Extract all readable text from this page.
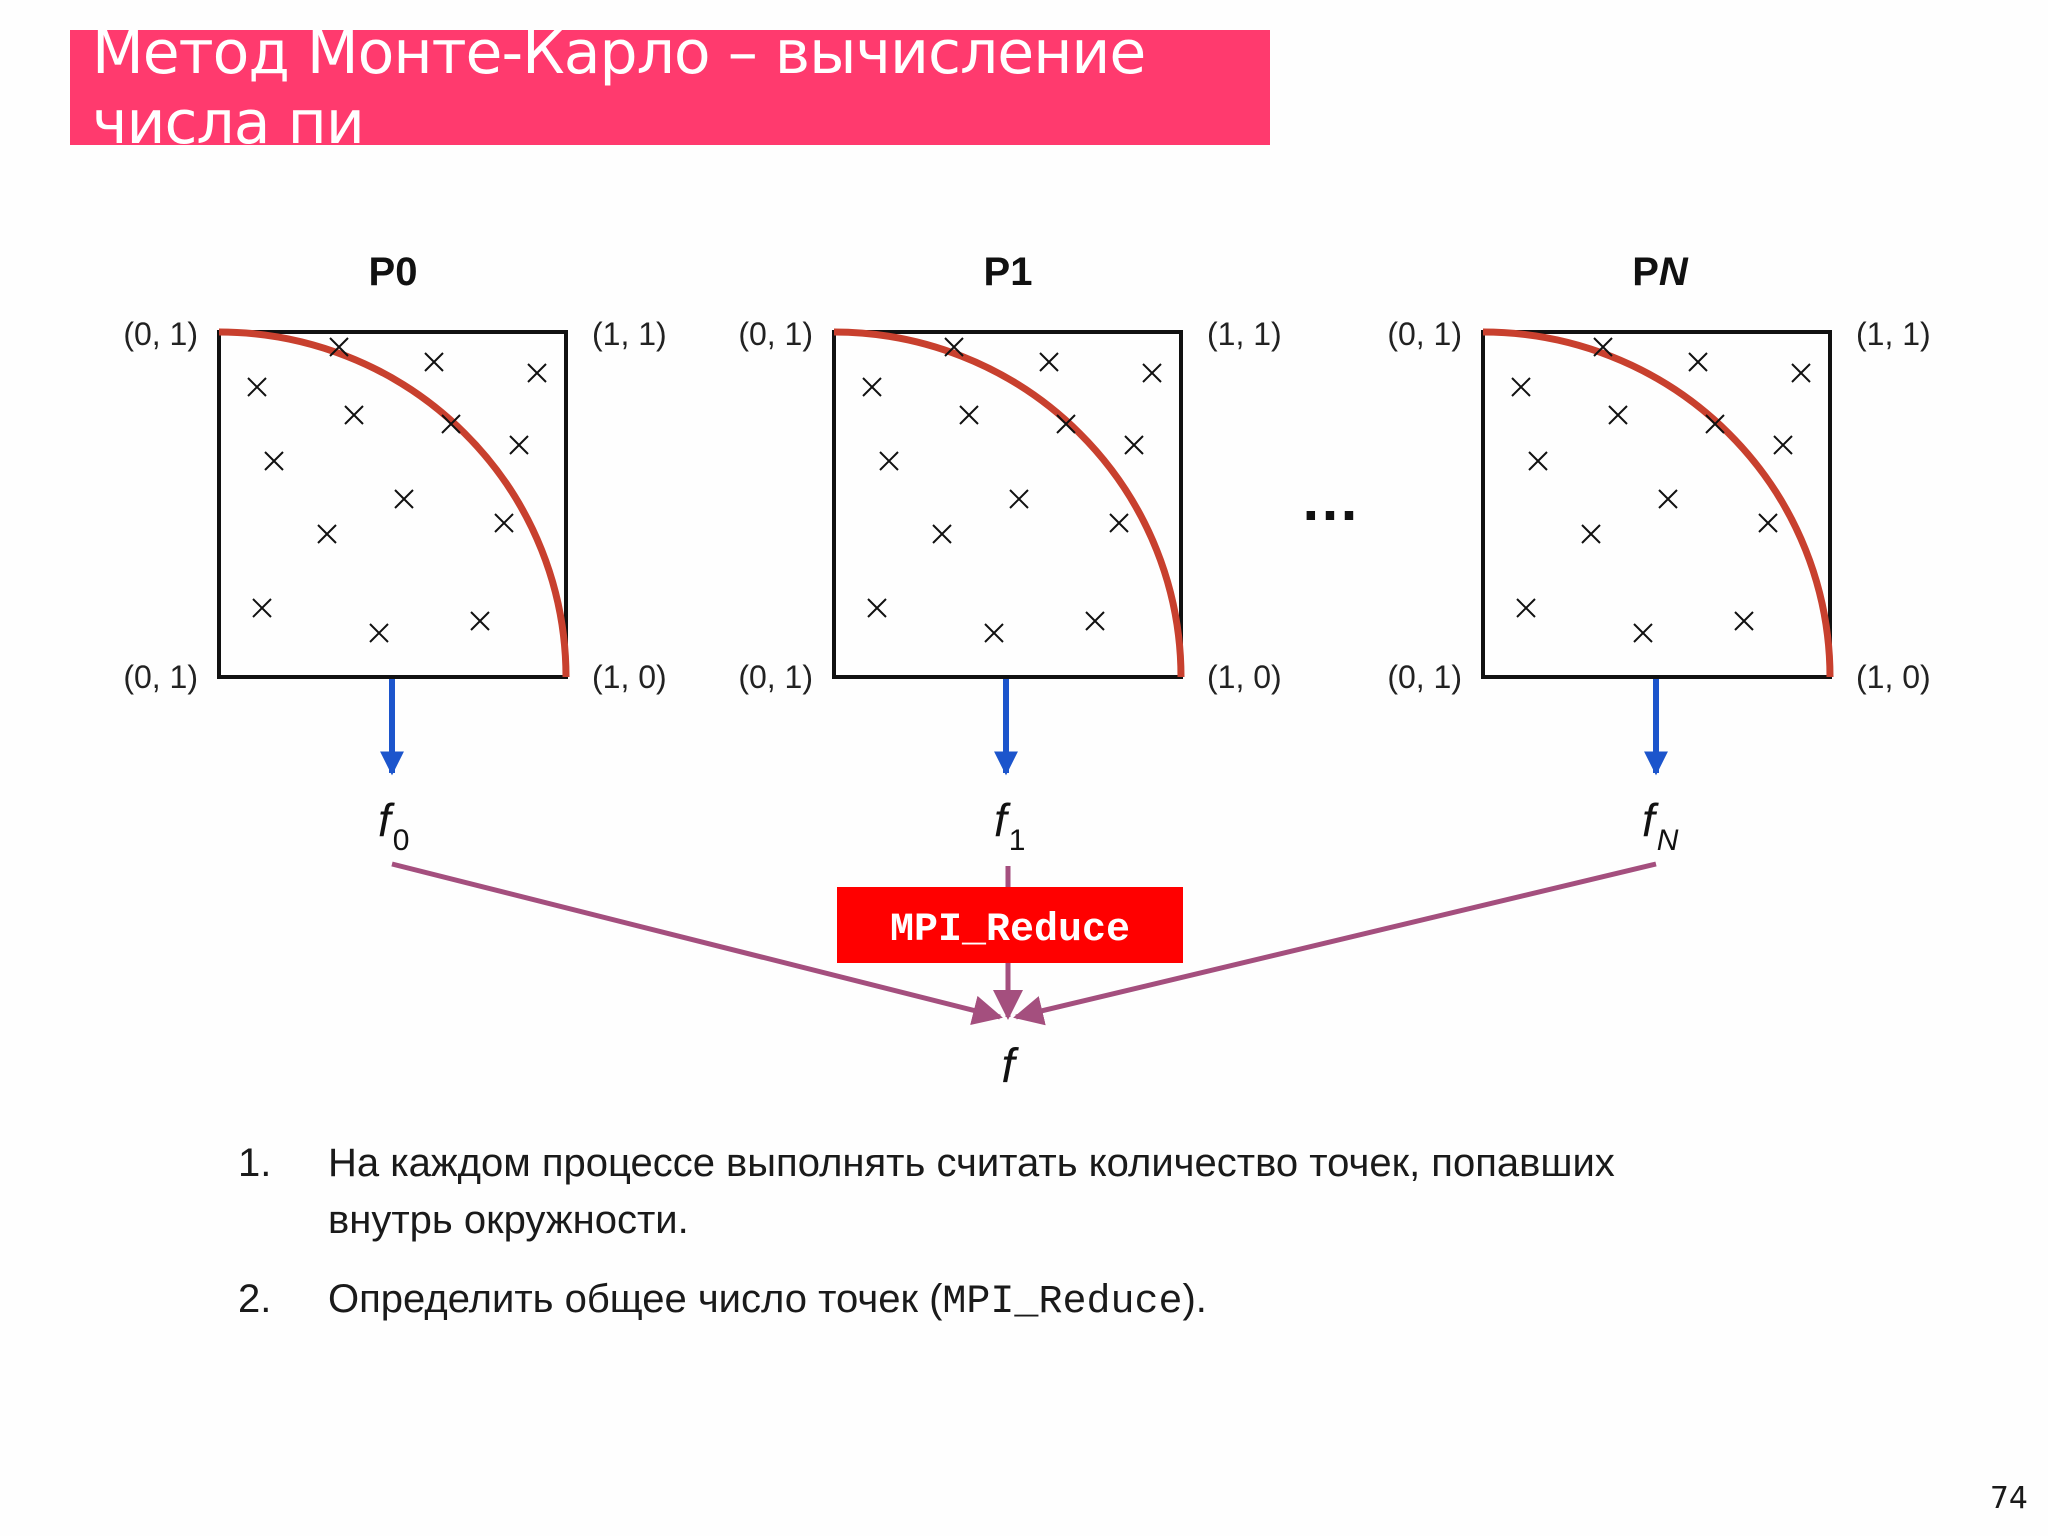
Метод Монте-Карло – вычисление числа пи
P0
(0, 1)	(1, 1)
(0, 1)	(1, 0)
$f_0$
P1
(0, 1)	(1, 1)
(0, 1)	(1, 0)
$f_1$
…
PN
(0, 1)	(1, 1)
(0, 1)	(1, 0)
$f_N$
MPI_Reduce
f
1. На каждом процессе выполнять считать количество точек, попавших внутрь окружности.
2. Определить общее число точек (MPI_Reduce).
74
